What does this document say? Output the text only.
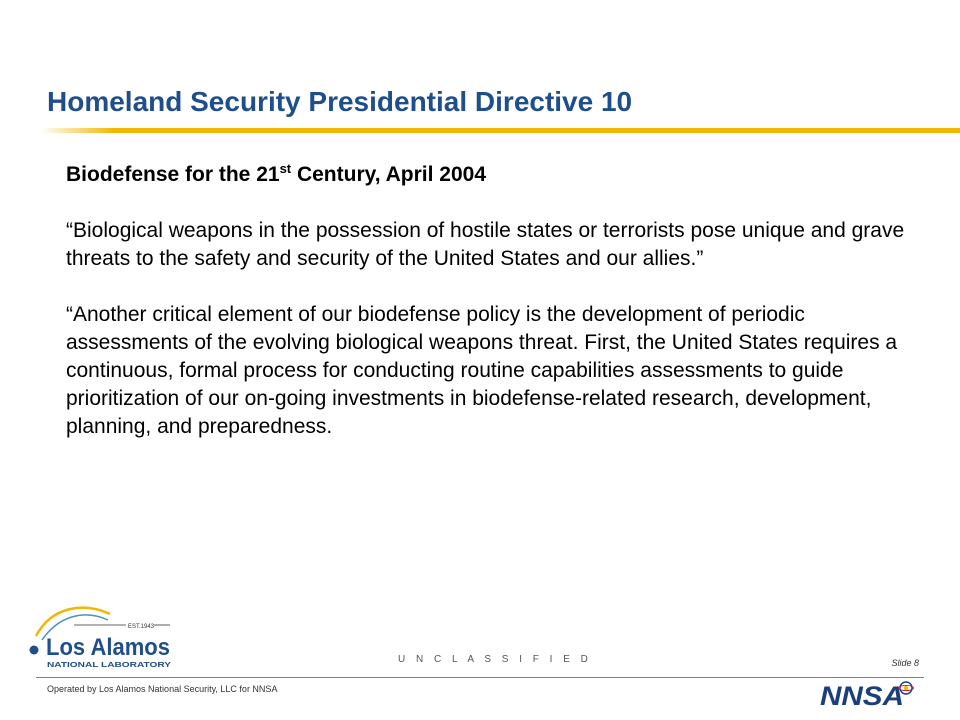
Homeland Security Presidential Directive 10

Biodefense for the 21st Century, April 2004

“Biological weapons in the possession of hostile states or terrorists pose unique and grave threats to the safety and security of the United States and our allies.”

“Another critical element of our biodefense policy is the development of periodic assessments of the evolving biological weapons threat. First, the United States requires a continuous, formal process for conducting routine capabilities assessments to guide prioritization of our on-going investments in biodefense-related research, development, planning, and preparedness.

EST.1943
Los Alamos
NATIONAL LABORATORY	U N C L A S S I F I E D	Slide 8
Operated by Los Alamos National Security, LLC for NNSA	NNSA
